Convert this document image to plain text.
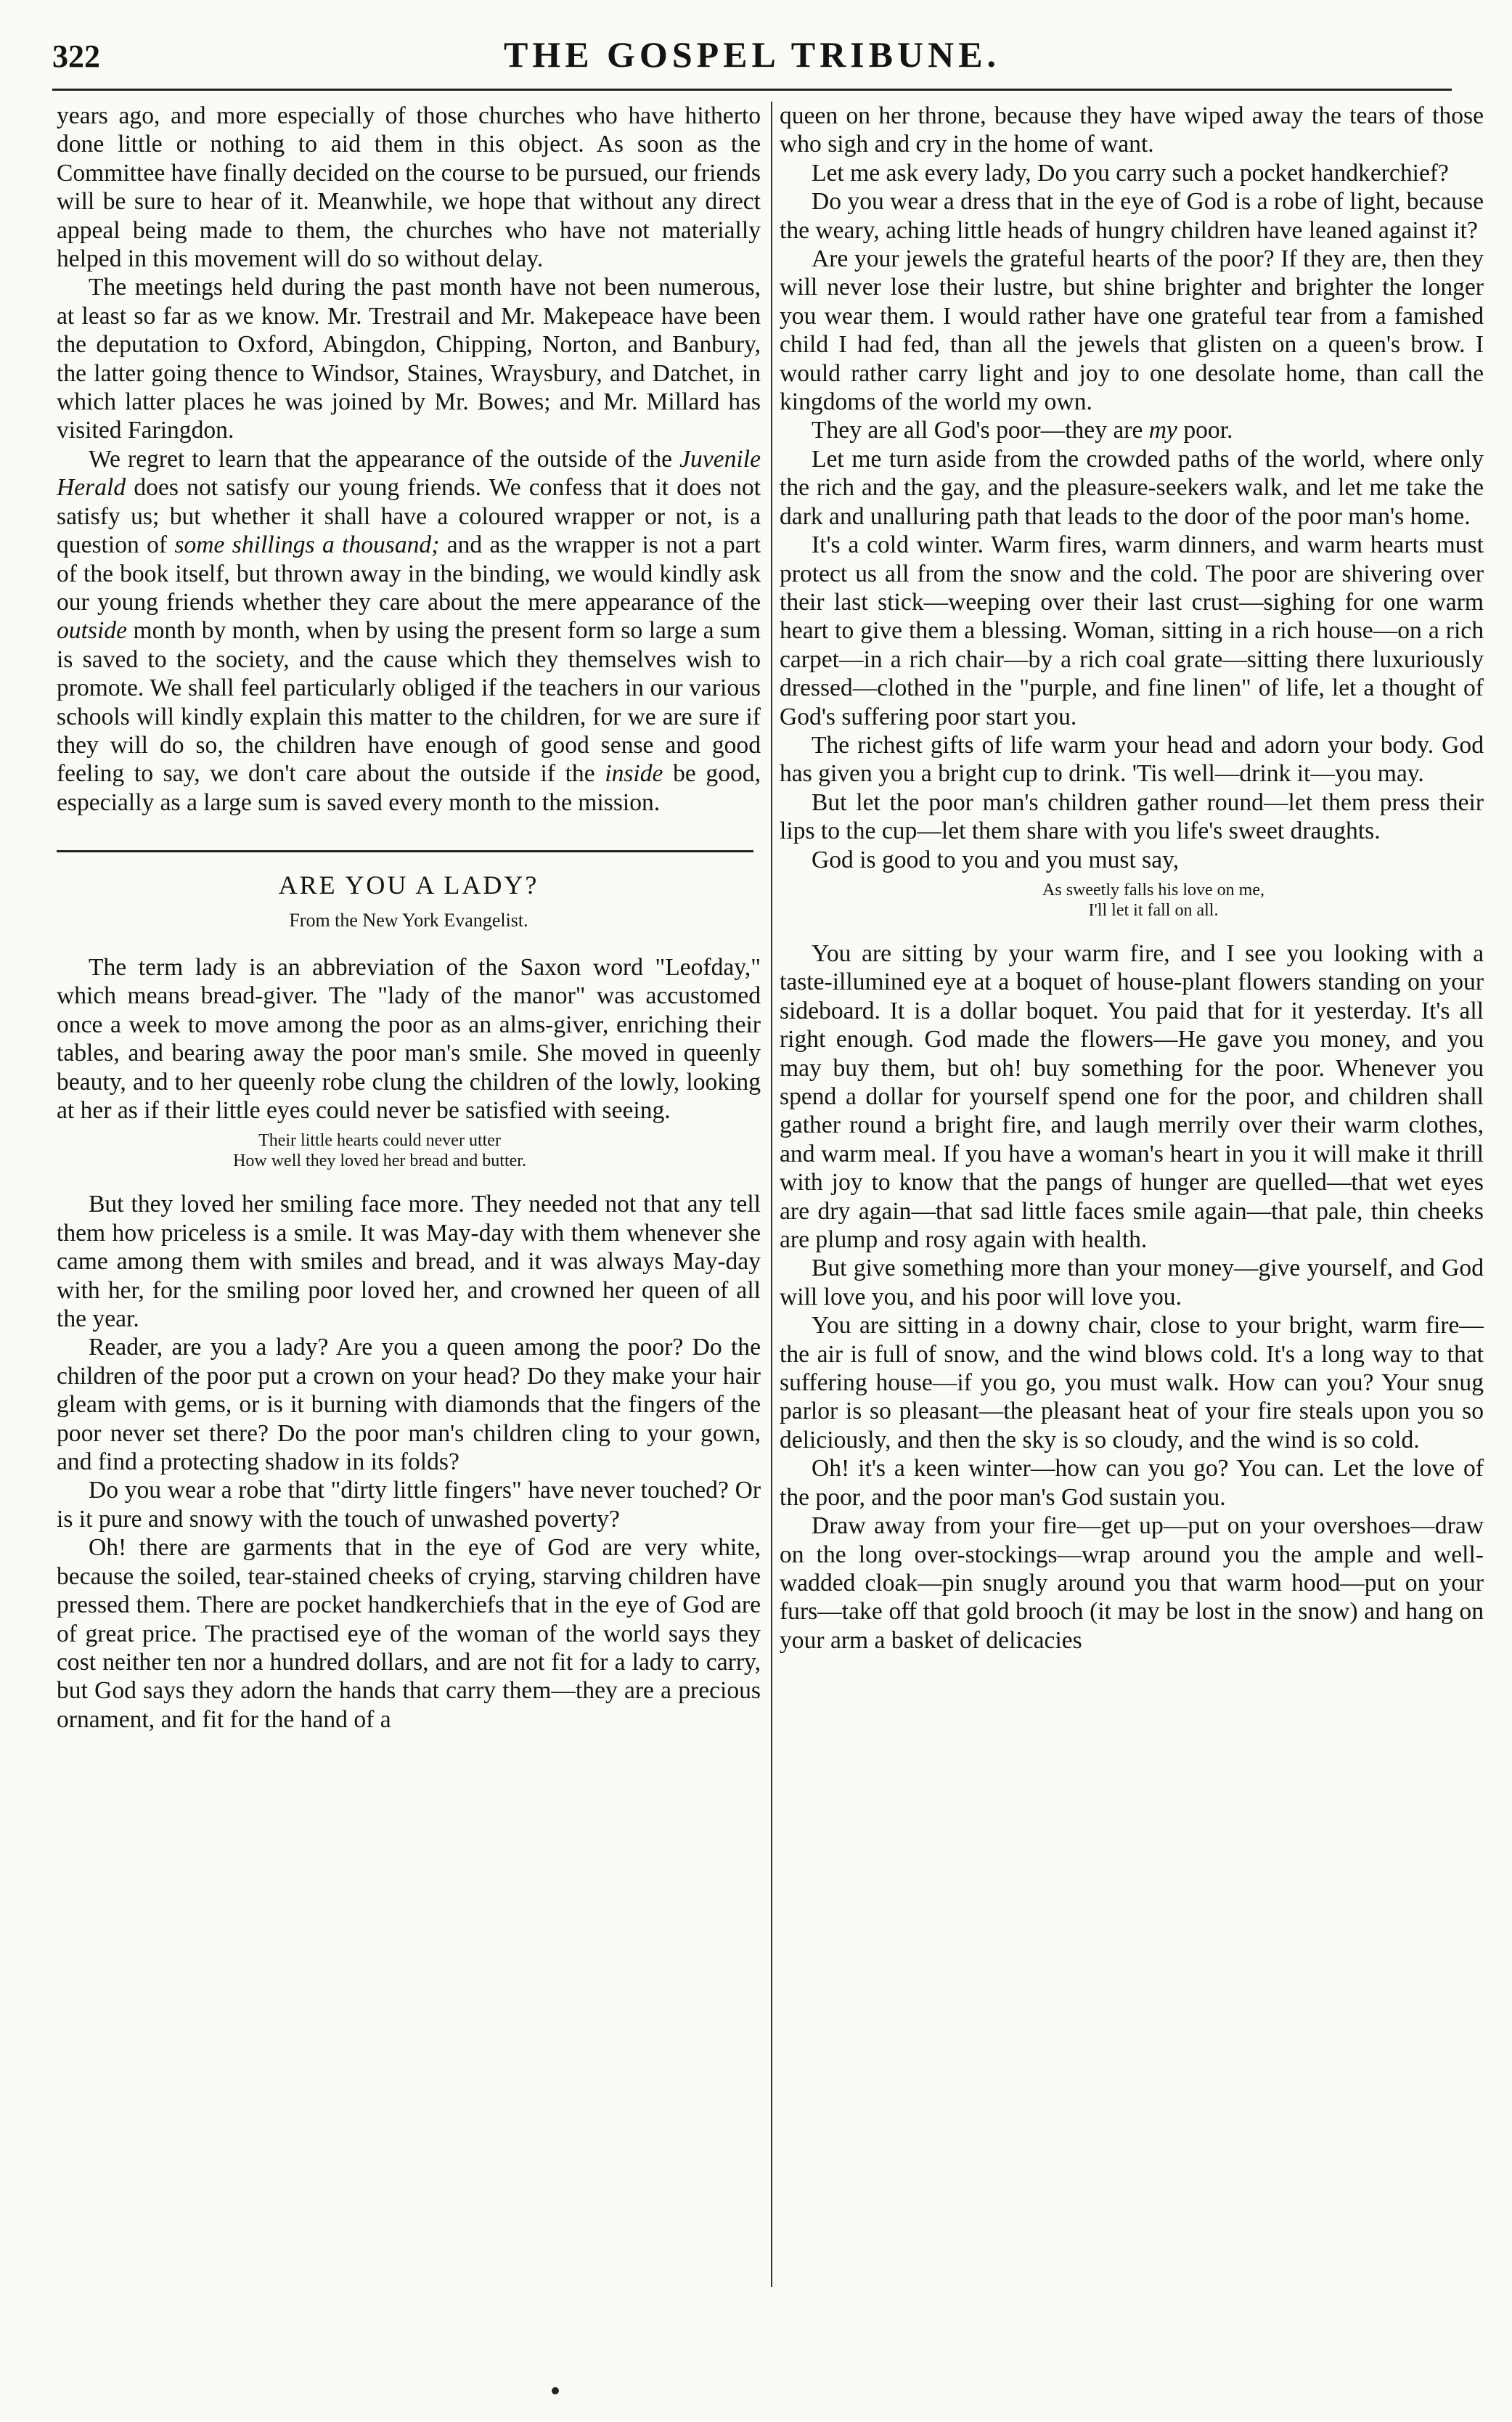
322	THE GOSPEL TRIBUNE.

years ago, and more especially of those churches who have hitherto done little or nothing to aid them in this object. As soon as the Committee have finally decided on the course to be pursued, our friends will be sure to hear of it. Meanwhile, we hope that without any direct appeal being made to them, the churches who have not materially helped in this movement will do so without delay.

The meetings held during the past month have not been numerous, at least so far as we know. Mr. Trestrail and Mr. Makepeace have been the deputation to Oxford, Abingdon, Chipping, Norton, and Banbury, the latter going thence to Windsor, Staines, Wraysbury, and Datchet, in which latter places he was joined by Mr. Bowes; and Mr. Millard has visited Faringdon.

We regret to learn that the appearance of the outside of the Juvenile Herald does not satisfy our young friends. We confess that it does not satisfy us; but whether it shall have a coloured wrapper or not, is a question of some shillings a thousand; and as the wrapper is not a part of the book itself, but thrown away in the binding, we would kindly ask our young friends whether they care about the mere appearance of the outside month by month, when by using the present form so large a sum is saved to the society, and the cause which they themselves wish to promote. We shall feel particularly obliged if the teachers in our various schools will kindly explain this matter to the children, for we are sure if they will do so, the children have enough of good sense and good feeling to say, we don't care about the outside if the inside be good, especially as a large sum is saved every month to the mission.

ARE YOU A LADY?
From the New York Evangelist.

The term lady is an abbreviation of the Saxon word "Leofday," which means bread-giver. The "lady of the manor" was accustomed once a week to move among the poor as an alms-giver, enriching their tables, and bearing away the poor man's smile. She moved in queenly beauty, and to her queenly robe clung the children of the lowly, looking at her as if their little eyes could never be satisfied with seeing.

Their little hearts could never utter
How well they loved her bread and butter.

But they loved her smiling face more. They needed not that any tell them how priceless is a smile. It was May-day with them whenever she came among them with smiles and bread, and it was always May-day with her, for the smiling poor loved her, and crowned her queen of all the year.

Reader, are you a lady? Are you a queen among the poor? Do the children of the poor put a crown on your head? Do they make your hair gleam with gems, or is it burning with diamonds that the fingers of the poor never set there? Do the poor man's children cling to your gown, and find a protecting shadow in its folds?

Do you wear a robe that "dirty little fingers" have never touched? Or is it pure and snowy with the touch of unwashed poverty?

Oh! there are garments that in the eye of God are very white, because the soiled, tear-stained cheeks of crying, starving children have pressed them. There are pocket handkerchiefs that in the eye of God are of great price. The practised eye of the woman of the world says they cost neither ten nor a hundred dollars, and are not fit for a lady to carry, but God says they adorn the hands that carry them—they are a precious ornament, and fit for the hand of a

queen on her throne, because they have wiped away the tears of those who sigh and cry in the home of want.

Let me ask every lady, Do you carry such a pocket handkerchief?

Do you wear a dress that in the eye of God is a robe of light, because the weary, aching little heads of hungry children have leaned against it?

Are your jewels the grateful hearts of the poor? If they are, then they will never lose their lustre, but shine brighter and brighter the longer you wear them. I would rather have one grateful tear from a famished child I had fed, than all the jewels that glisten on a queen's brow. I would rather carry light and joy to one desolate home, than call the kingdoms of the world my own.

They are all God's poor—they are my poor.

Let me turn aside from the crowded paths of the world, where only the rich and the gay, and the pleasure-seekers walk, and let me take the dark and unalluring path that leads to the door of the poor man's home.

It's a cold winter. Warm fires, warm dinners, and warm hearts must protect us all from the snow and the cold. The poor are shivering over their last stick—weeping over their last crust—sighing for one warm heart to give them a blessing. Woman, sitting in a rich house—on a rich carpet—in a rich chair—by a rich coal grate—sitting there luxuriously dressed—clothed in the "purple, and fine linen" of life, let a thought of God's suffering poor start you.

The richest gifts of life warm your head and adorn your body. God has given you a bright cup to drink. 'Tis well—drink it—you may.

But let the poor man's children gather round—let them press their lips to the cup—let them share with you life's sweet draughts.

God is good to you and you must say,

As sweetly falls his love on me,
I'll let it fall on all.

You are sitting by your warm fire, and I see you looking with a taste-illumined eye at a boquet of house-plant flowers standing on your sideboard. It is a dollar boquet. You paid that for it yesterday. It's all right enough. God made the flowers—He gave you money, and you may buy them, but oh! buy something for the poor. Whenever you spend a dollar for yourself spend one for the poor, and children shall gather round a bright fire, and laugh merrily over their warm clothes, and warm meal. If you have a woman's heart in you it will make it thrill with joy to know that the pangs of hunger are quelled—that wet eyes are dry again—that sad little faces smile again—that pale, thin cheeks are plump and rosy again with health.

But give something more than your money—give yourself, and God will love you, and his poor will love you.

You are sitting in a downy chair, close to your bright, warm fire—the air is full of snow, and the wind blows cold. It's a long way to that suffering house—if you go, you must walk. How can you? Your snug parlor is so pleasant—the pleasant heat of your fire steals upon you so deliciously, and then the sky is so cloudy, and the wind is so cold.

Oh! it's a keen winter—how can you go? You can. Let the love of the poor, and the poor man's God sustain you.

Draw away from your fire—get up—put on your overshoes—draw on the long over-stockings—wrap around you the ample and well-wadded cloak—pin snugly around you that warm hood—put on your furs—take off that gold brooch (it may be lost in the snow) and hang on your arm a basket of delicacies
